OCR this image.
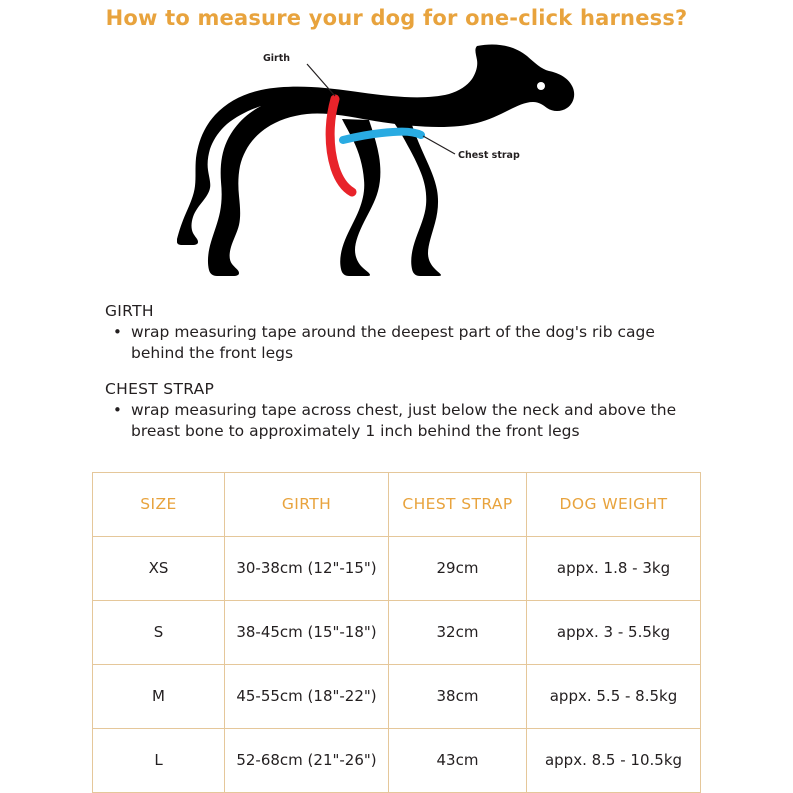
How to measure your dog for one-click harness?
Girth
Chest strap
GIRTH
• wrap measuring tape around the deepest part of the dog's rib cage behind the front legs
CHEST STRAP
• wrap measuring tape across chest, just below the neck and above the breast bone to approximately 1 inch behind the front legs
SIZE	GIRTH	CHEST STRAP	DOG WEIGHT
XS	30-38cm (12"-15")	29cm	appx. 1.8 - 3kg
S	38-45cm (15"-18")	32cm	appx. 3 - 5.5kg
M	45-55cm (18"-22")	38cm	appx. 5.5 - 8.5kg
L	52-68cm (21"-26")	43cm	appx. 8.5 - 10.5kg
